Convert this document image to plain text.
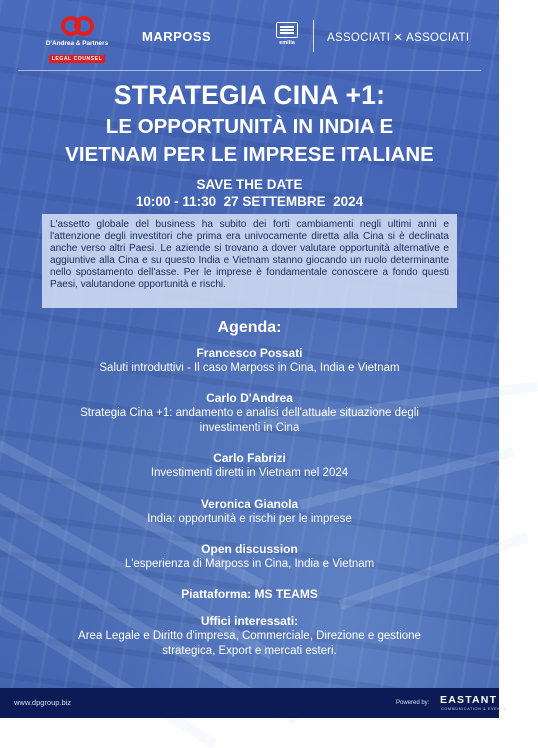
D'Andrea & Partners
LEGAL COUNSEL
MARPOSS	emilia	ASSOCIATI ✕ ASSOCIATI
STRATEGIA CINA +1:
LE OPPORTUNITÀ IN INDIA E
VIETNAM PER LE IMPRESE ITALIANE
SAVE THE DATE
10:00 - 11:30  27 SETTEMBRE  2024
L'assetto globale del business ha subito dei forti cambiamenti negli ultimi anni e l'attenzione degli investitori che prima era univocamente diretta alla Cina si è declinata anche verso altri Paesi. Le aziende si trovano a dover valutare opportunità alternative e aggiuntive alla Cina e su questo India e Vietnam stanno giocando un ruolo determinante nello spostamento dell'asse. Per le imprese è fondamentale conoscere a fondo questi Paesi, valutandone opportunità e rischi.
Agenda:
Francesco Possati
Saluti introduttivi - Il caso Marposs in Cina, India e Vietnam
Carlo D'Andrea
Strategia Cina +1: andamento e analisi dell'attuale situazione degli
investimenti in Cina
Carlo Fabrizi
Investimenti diretti in Vietnam nel 2024
Veronica Gianola
India: opportunità e rischi per le imprese
Open discussion
L'esperienza di Marposs in Cina, India e Vietnam
Piattaforma: MS TEAMS
Uffici interessati:
Area Legale e Diritto d'impresa, Commerciale, Direzione e gestione
strategica, Export e mercati esteri.
www.dpgroup.biz	Powered by: EASTANT
COMMUNICATION & EVENTS
